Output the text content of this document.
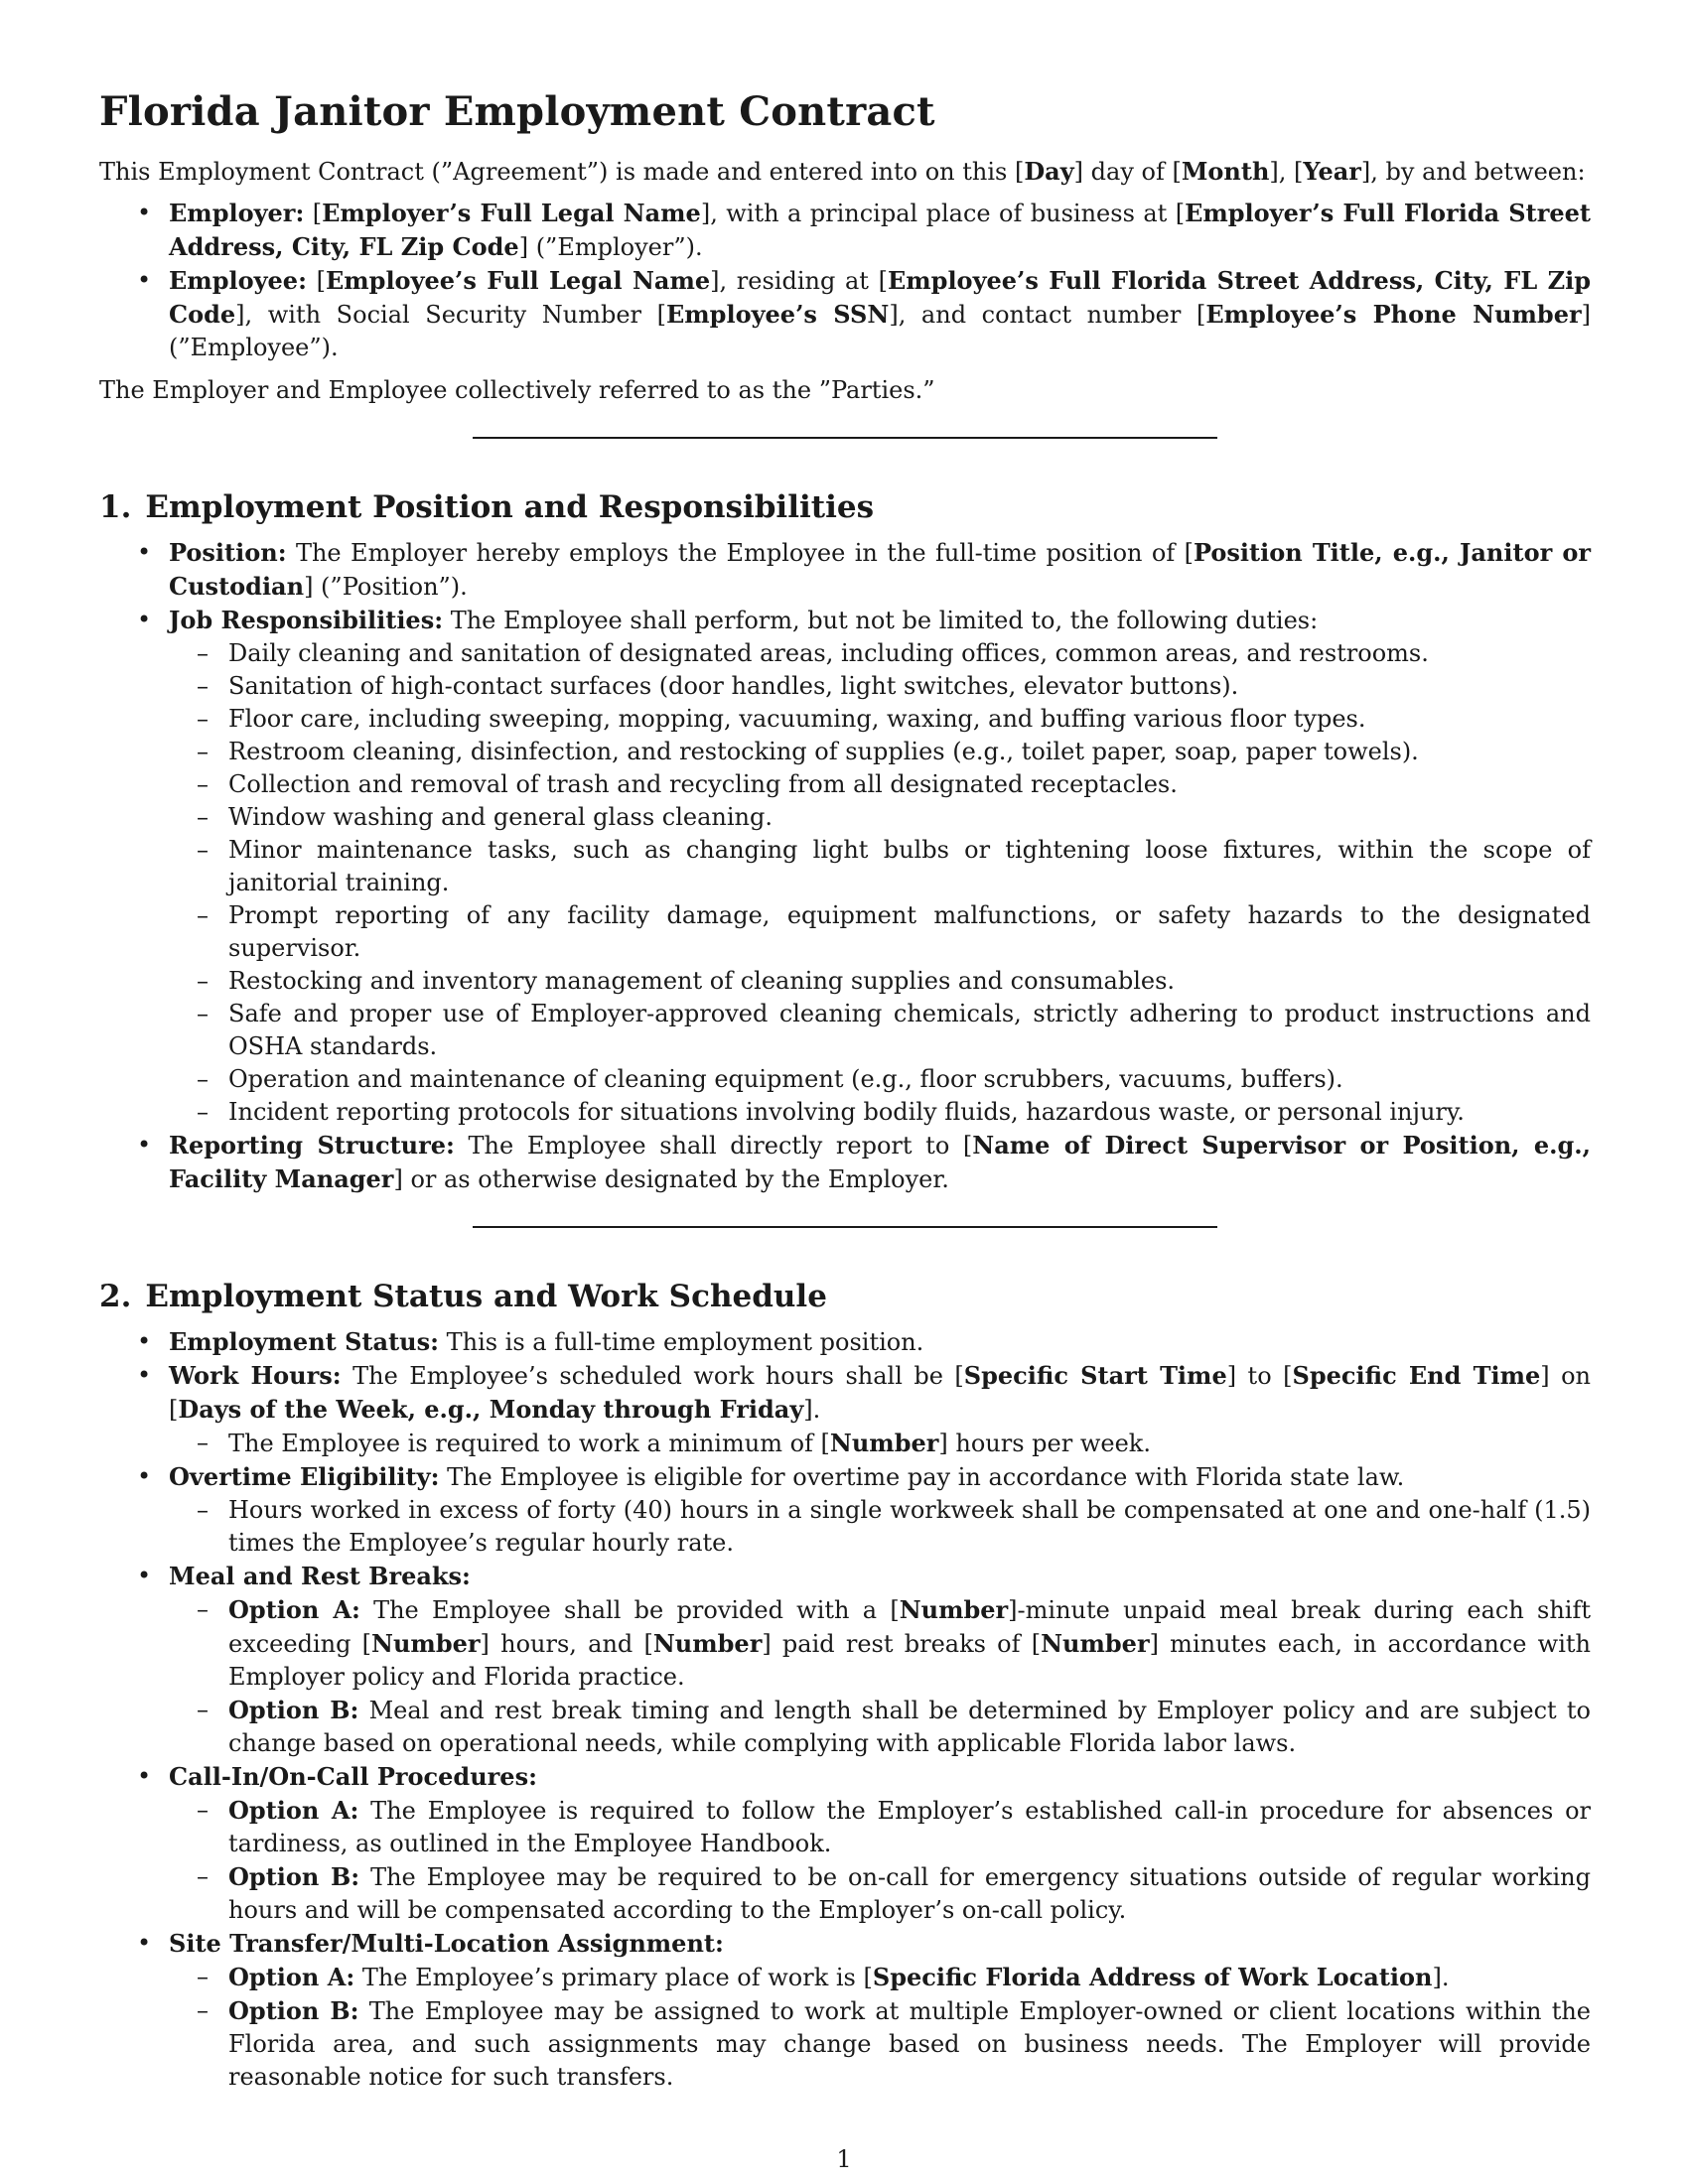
Florida Janitor Employment Contract

This Employment Contract (”Agreement”) is made and entered into on this [Day] day of [Month], [Year], by and between:

• Employer: [Employer’s Full Legal Name], with a principal place of business at [Employer’s Full Florida Street Address, City, FL Zip Code] (”Employer”).
• Employee: [Employee’s Full Legal Name], residing at [Employee’s Full Florida Street Address, City, FL Zip Code], with Social Security Number [Employee’s SSN], and contact number [Employee’s Phone Number] (”Employee”).

The Employer and Employee collectively referred to as the ”Parties.”

1. Employment Position and Responsibilities
• Position: The Employer hereby employs the Employee in the full-time position of [Position Title, e.g., Janitor or Custodian] (”Position”).
• Job Responsibilities: The Employee shall perform, but not be limited to, the following duties:
– Daily cleaning and sanitation of designated areas, including offices, common areas, and restrooms.
– Sanitation of high-contact surfaces (door handles, light switches, elevator buttons).
– Floor care, including sweeping, mopping, vacuuming, waxing, and buffing various floor types.
– Restroom cleaning, disinfection, and restocking of supplies (e.g., toilet paper, soap, paper towels).
– Collection and removal of trash and recycling from all designated receptacles.
– Window washing and general glass cleaning.
– Minor maintenance tasks, such as changing light bulbs or tightening loose fixtures, within the scope of janitorial training.
– Prompt reporting of any facility damage, equipment malfunctions, or safety hazards to the designated supervisor.
– Restocking and inventory management of cleaning supplies and consumables.
– Safe and proper use of Employer-approved cleaning chemicals, strictly adhering to product instructions and OSHA standards.
– Operation and maintenance of cleaning equipment (e.g., floor scrubbers, vacuums, buffers).
– Incident reporting protocols for situations involving bodily fluids, hazardous waste, or personal injury.
• Reporting Structure: The Employee shall directly report to [Name of Direct Supervisor or Position, e.g., Facility Manager] or as otherwise designated by the Employer.
2. Employment Status and Work Schedule
• Employment Status: This is a full-time employment position.
• Work Hours: The Employee’s scheduled work hours shall be [Specific Start Time] to [Specific End Time] on [Days of the Week, e.g., Monday through Friday].
– The Employee is required to work a minimum of [Number] hours per week.
• Overtime Eligibility: The Employee is eligible for overtime pay in accordance with Florida state law.
– Hours worked in excess of forty (40) hours in a single workweek shall be compensated at one and one-half (1.5) times the Employee’s regular hourly rate.
• Meal and Rest Breaks:
– Option A: The Employee shall be provided with a [Number]-minute unpaid meal break during each shift exceeding [Number] hours, and [Number] paid rest breaks of [Number] minutes each, in accordance with Employer policy and Florida practice.
– Option B: Meal and rest break timing and length shall be determined by Employer policy and are subject to change based on operational needs, while complying with applicable Florida labor laws.
• Call-In/On-Call Procedures:
– Option A: The Employee is required to follow the Employer’s established call-in procedure for absences or tardiness, as outlined in the Employee Handbook.
– Option B: The Employee may be required to be on-call for emergency situations outside of regular working hours and will be compensated according to the Employer’s on-call policy.
• Site Transfer/Multi-Location Assignment:
– Option A: The Employee’s primary place of work is [Specific Florida Address of Work Location].
– Option B: The Employee may be assigned to work at multiple Employer-owned or client locations within the Florida area, and such assignments may change based on business needs. The Employer will provide reasonable notice for such transfers.
1
